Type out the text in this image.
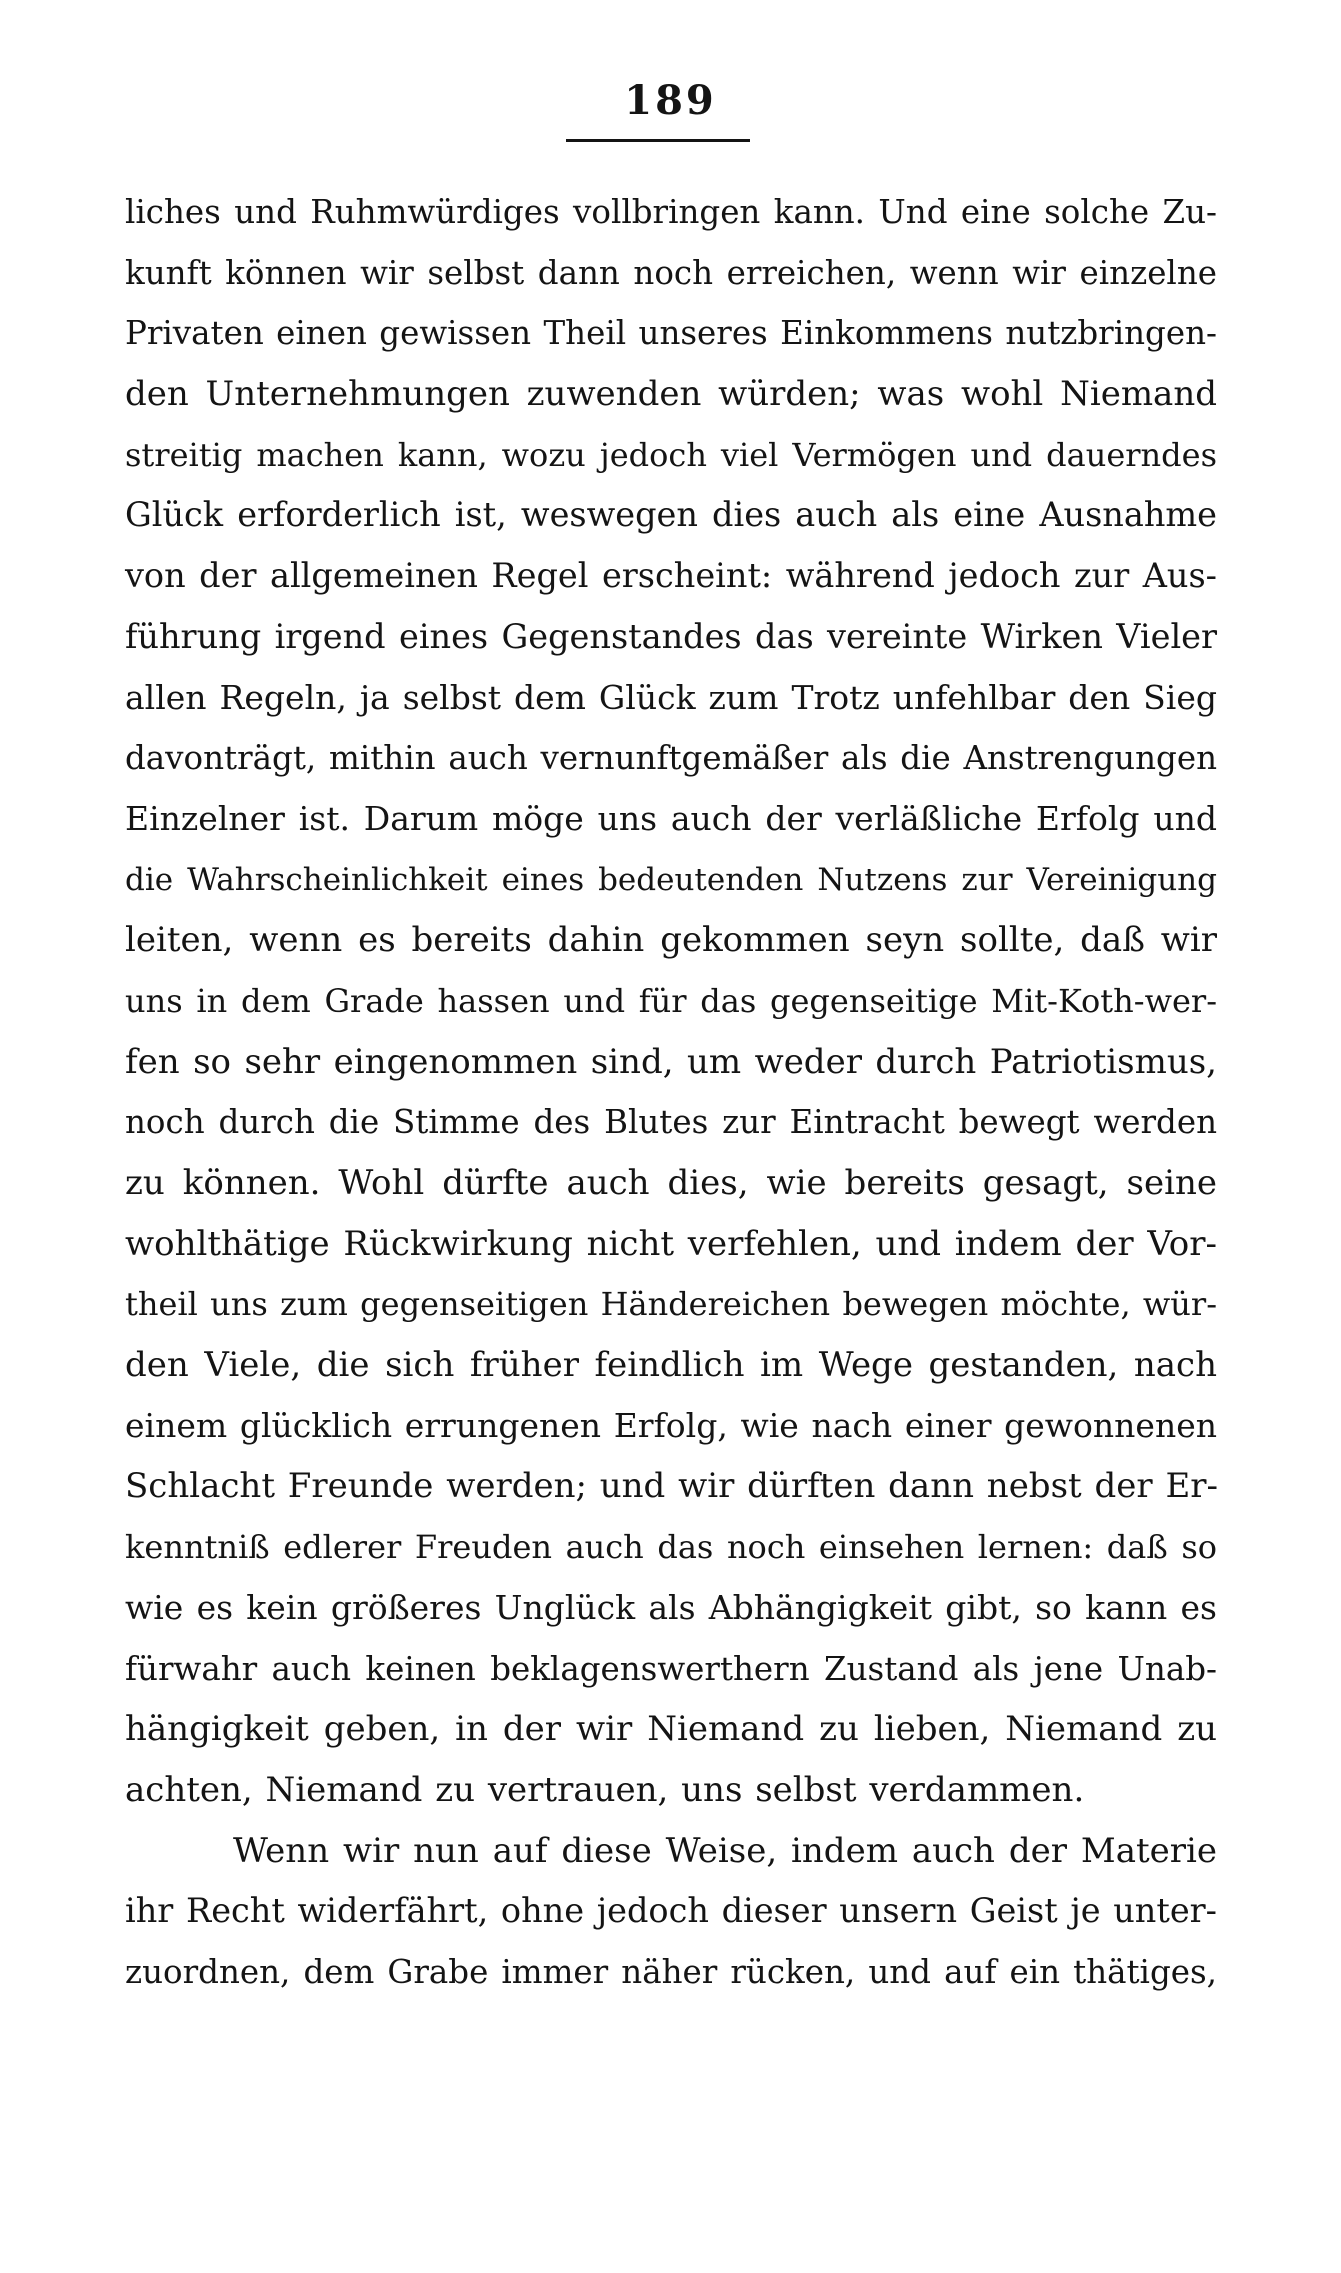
189
liches und Ruhmwürdiges vollbringen kann. Und eine solche Zu-
kunft können wir selbst dann noch erreichen, wenn wir einzelne
Privaten einen gewissen Theil unseres Einkommens nutzbringen-
den Unternehmungen zuwenden würden; was wohl Niemand
streitig machen kann, wozu jedoch viel Vermögen und dauerndes
Glück erforderlich ist, weswegen dies auch als eine Ausnahme
von der allgemeinen Regel erscheint: während jedoch zur Aus-
führung irgend eines Gegenstandes das vereinte Wirken Vieler
allen Regeln, ja selbst dem Glück zum Trotz unfehlbar den Sieg
davonträgt, mithin auch vernunftgemäßer als die Anstrengungen
Einzelner ist. Darum möge uns auch der verläßliche Erfolg und
die Wahrscheinlichkeit eines bedeutenden Nutzens zur Vereinigung
leiten, wenn es bereits dahin gekommen seyn sollte, daß wir
uns in dem Grade hassen und für das gegenseitige Mit-Koth-wer-
fen so sehr eingenommen sind, um weder durch Patriotismus,
noch durch die Stimme des Blutes zur Eintracht bewegt werden
zu können. Wohl dürfte auch dies, wie bereits gesagt, seine
wohlthätige Rückwirkung nicht verfehlen, und indem der Vor-
theil uns zum gegenseitigen Händereichen bewegen möchte, wür-
den Viele, die sich früher feindlich im Wege gestanden, nach
einem glücklich errungenen Erfolg, wie nach einer gewonnenen
Schlacht Freunde werden; und wir dürften dann nebst der Er-
kenntniß edlerer Freuden auch das noch einsehen lernen: daß so
wie es kein größeres Unglück als Abhängigkeit gibt, so kann es
fürwahr auch keinen beklagenswerthern Zustand als jene Unab-
hängigkeit geben, in der wir Niemand zu lieben, Niemand zu
achten, Niemand zu vertrauen, uns selbst verdammen.
Wenn wir nun auf diese Weise, indem auch der Materie
ihr Recht widerfährt, ohne jedoch dieser unsern Geist je unter-
zuordnen, dem Grabe immer näher rücken, und auf ein thätiges,
